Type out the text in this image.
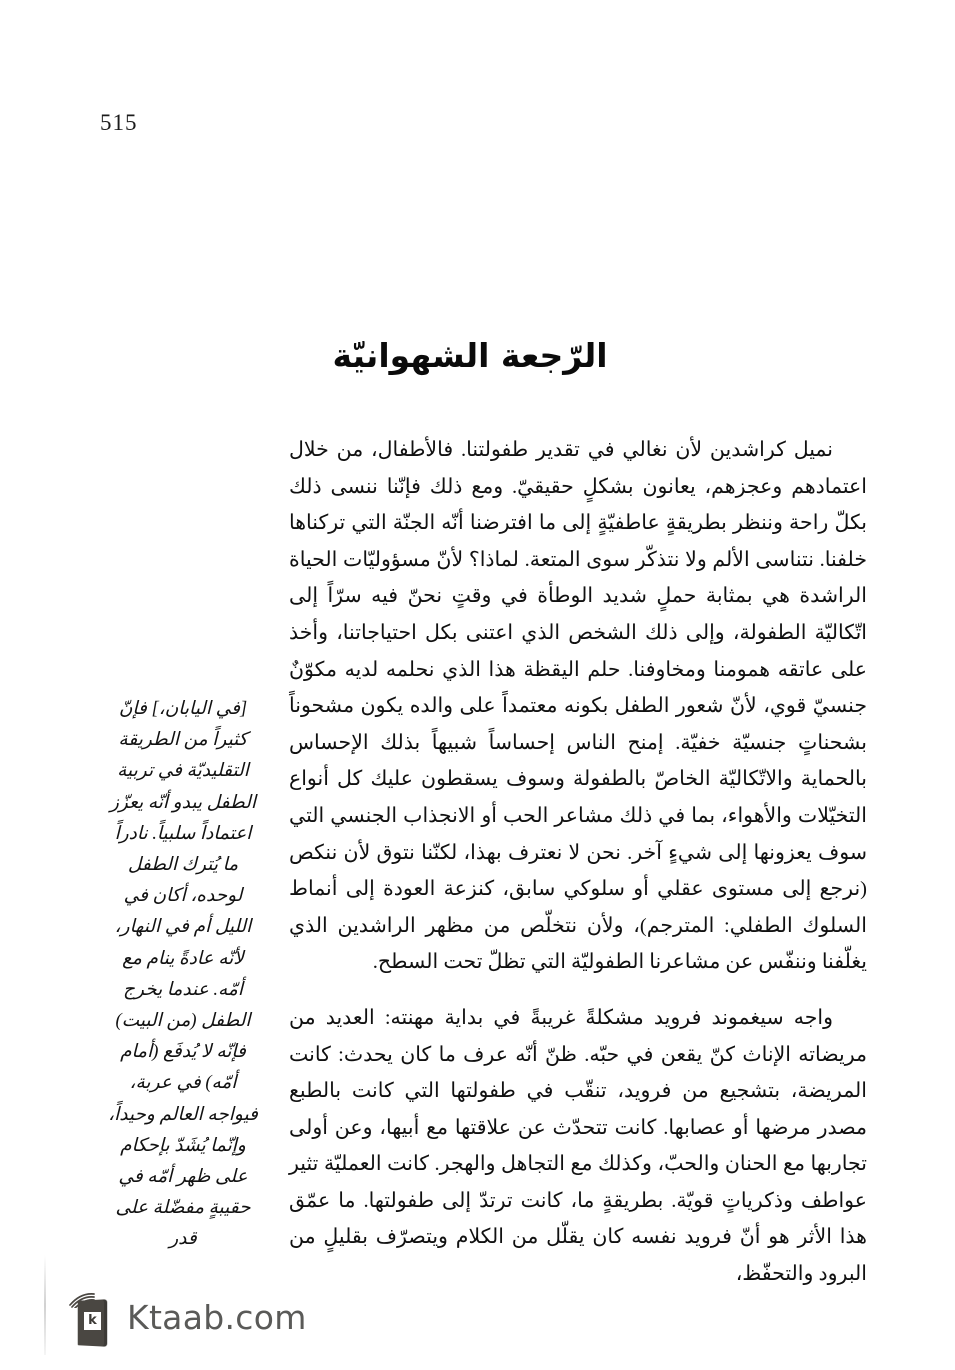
515
الرّجعة الشهوانيّة

نميل كراشدين لأن نغالي في تقدير طفولتنا. فالأطفال، من خلال اعتمادهم وعجزهم، يعانون بشكلٍ حقيقيّ. ومع ذلك فإنّنا ننسى ذلك بكلّ راحة وننظر بطريقةٍ عاطفيّةٍ إلى ما افترضنا أنّه الجنّة التي تركناها خلفنا. نتناسى الألم ولا نتذكّر سوى المتعة. لماذا؟ لأنّ مسؤوليّات الحياة الراشدة هي بمثابة حملٍ شديد الوطأة في وقتٍ نحنّ فيه سرّاً إلى اتّكاليّة الطفولة، وإلى ذلك الشخص الذي اعتنى بكل احتياجاتنا، وأخذ على عاتقه همومنا ومخاوفنا. حلم اليقظة هذا الذي نحلمه لديه مكوّنٌ جنسيّ قوي، لأنّ شعور الطفل بكونه معتمداً على والده يكون مشحوناً بشحناتٍ جنسيّة خفيّة. إمنح الناس إحساساً شبيهاً بذلك الإحساس بالحماية والاتّكاليّة الخاصّ بالطفولة وسوف يسقطون عليك كل أنواع التخيّلات والأهواء، بما في ذلك مشاعر الحب أو الانجذاب الجنسي التي سوف يعزونها إلى شيءٍ آخر. نحن لا نعترف بهذا، لكنّنا نتوق لأن ننكص (نرجع إلى مستوى عقلي أو سلوكي سابق، كنزعة العودة إلى أنماط السلوك الطفلي: المترجم)، ولأن نتخلّص من مظهر الراشدين الذي يغلّفنا وننفّس عن مشاعرنا الطفوليّة التي تظلّ تحت السطح.

واجه سيغموند فرويد مشكلةً غريبةً في بداية مهنته: العديد من مريضاته الإناث كنّ يقعن في حبّه. ظنّ أنّه عرف ما كان يحدث: كانت المريضة، بتشجيع من فرويد، تنقّب في طفولتها التي كانت بالطبع مصدر مرضها أو عصابها. كانت تتحدّث عن علاقتها مع أبيها، وعن أولى تجاربها مع الحنان والحبّ، وكذلك مع التجاهل والهجر. كانت العمليّة تثير عواطف وذكرياتٍ قويّة. بطريقةٍ ما، كانت ترتدّ إلى طفولتها. ما عمّق هذا الأثر هو أنّ فرويد نفسه كان يقلّل من الكلام ويتصرّف بقليلٍ من البرود والتحفّظ،

[في اليابان،] فإنّ كثيراً من الطريقة التقليديّة في تربية الطفل يبدو أنّه يعزّز اعتماداً سلبياً. نادراً ما يُترك الطفل لوحده، أكان في الليل أم في النهار، لأنّه عادةً ينام مع أمّه. عندما يخرج الطفل (من البيت) فإنّه لا يُدفَع (أمام أمّه) في عربة، فيواجه العالم وحيداً، وإنّما يُشَدّ بإحكام على ظهر أمّه في حقيبةٍ مفضّلة على قدر
k Ktaab.com
